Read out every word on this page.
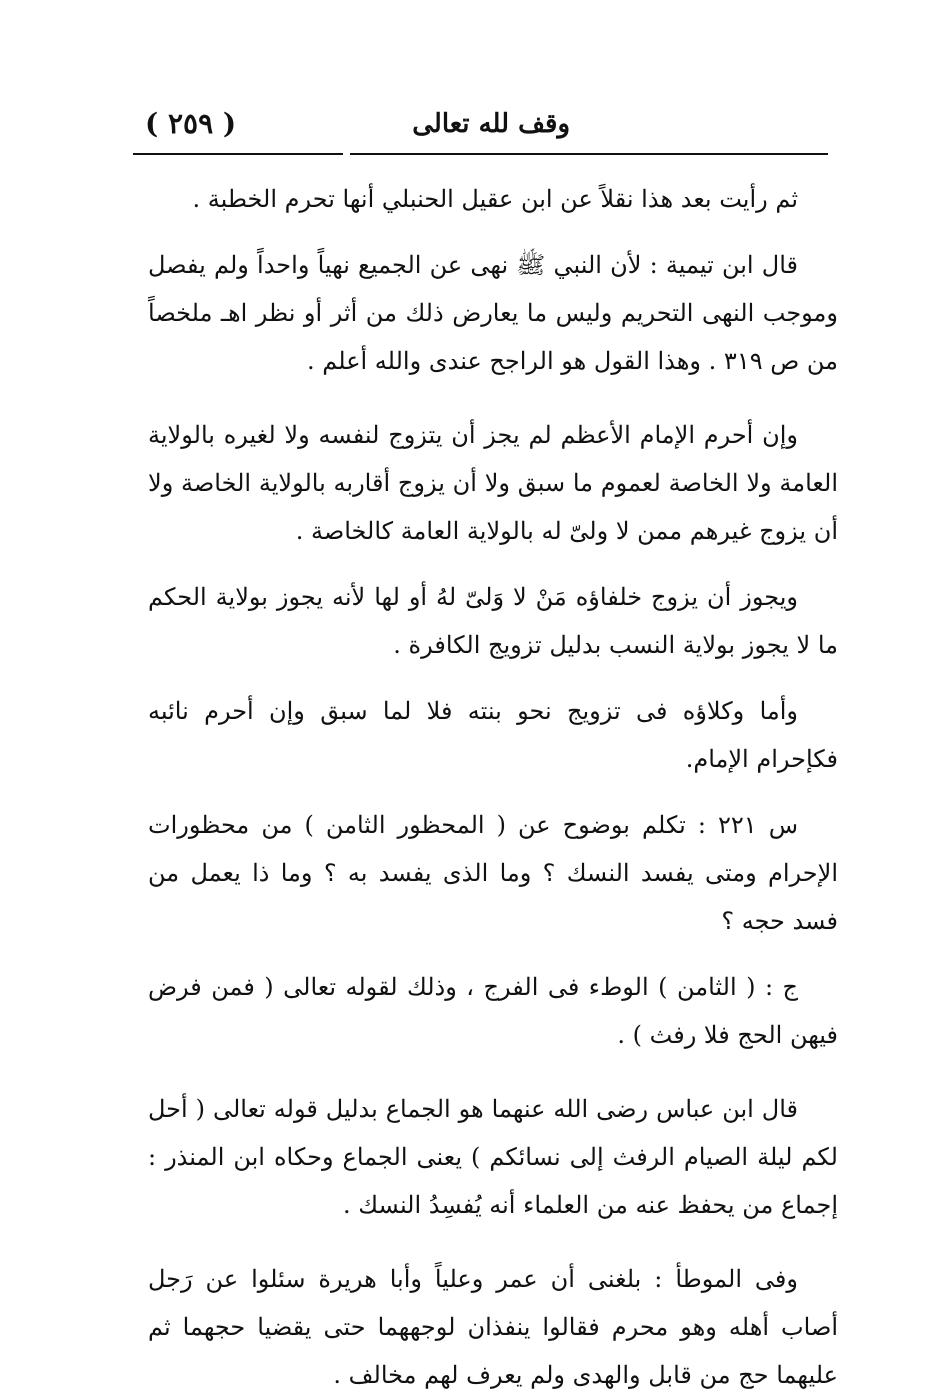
وقف لله تعالى
( ٢٥٩ )

ثم رأيت بعد هذا نقلاً عن ابن عقيل الحنبلي أنها تحرم الخطبة .

قال ابن تيمية : لأن النبي ﷺ نهى عن الجميع نهياً واحداً ولم يفصل وموجب النهى التحريم وليس ما يعارض ذلك من أثر أو نظر اهـ ملخصاً من ص ٣١٩ . وهذا القول هو الراجح عندى والله أعلم .

وإن أحرم الإمام الأعظم لم يجز أن يتزوج لنفسه ولا لغيره بالولاية العامة ولا الخاصة لعموم ما سبق ولا أن يزوج أقاربه بالولاية الخاصة ولا أن يزوج غيرهم ممن لا ولىّ له بالولاية العامة كالخاصة .

ويجوز أن يزوج خلفاؤه مَنْ لا وَلىّ لهُ أو لها لأنه يجوز بولاية الحكم ما لا يجوز بولاية النسب بدليل تزويج الكافرة .

وأما وكلاؤه فى تزويج نحو بنته فلا لما سبق وإن أحرم نائبه فكإحرام الإمام.

س ٢٢١ : تكلم بوضوح عن ( المحظور الثامن ) من محظورات الإحرام ومتى يفسد النسك ؟ وما الذى يفسد به ؟ وما ذا يعمل من فسد حجه ؟

ج : ( الثامن ) الوطء فى الفرج ، وذلك لقوله تعالى ( فمن فرض فيهن الحج فلا رفث ) .

قال ابن عباس رضى الله عنهما هو الجماع بدليل قوله تعالى ( أحل لكم ليلة الصيام الرفث إلى نسائكم ) يعنى الجماع وحكاه ابن المنذر : إجماع من يحفظ عنه من العلماء أنه يُفسِدُ النسك .

وفى الموطأ : بلغنى أن عمر وعلياً وأبا هريرة سئلوا عن رَجل أصاب أهله وهو محرم فقالوا ينفذان لوجههما حتى يقضيا حجهما ثم عليهما حج من قابل والهدى ولم يعرف لهم مخالف .
